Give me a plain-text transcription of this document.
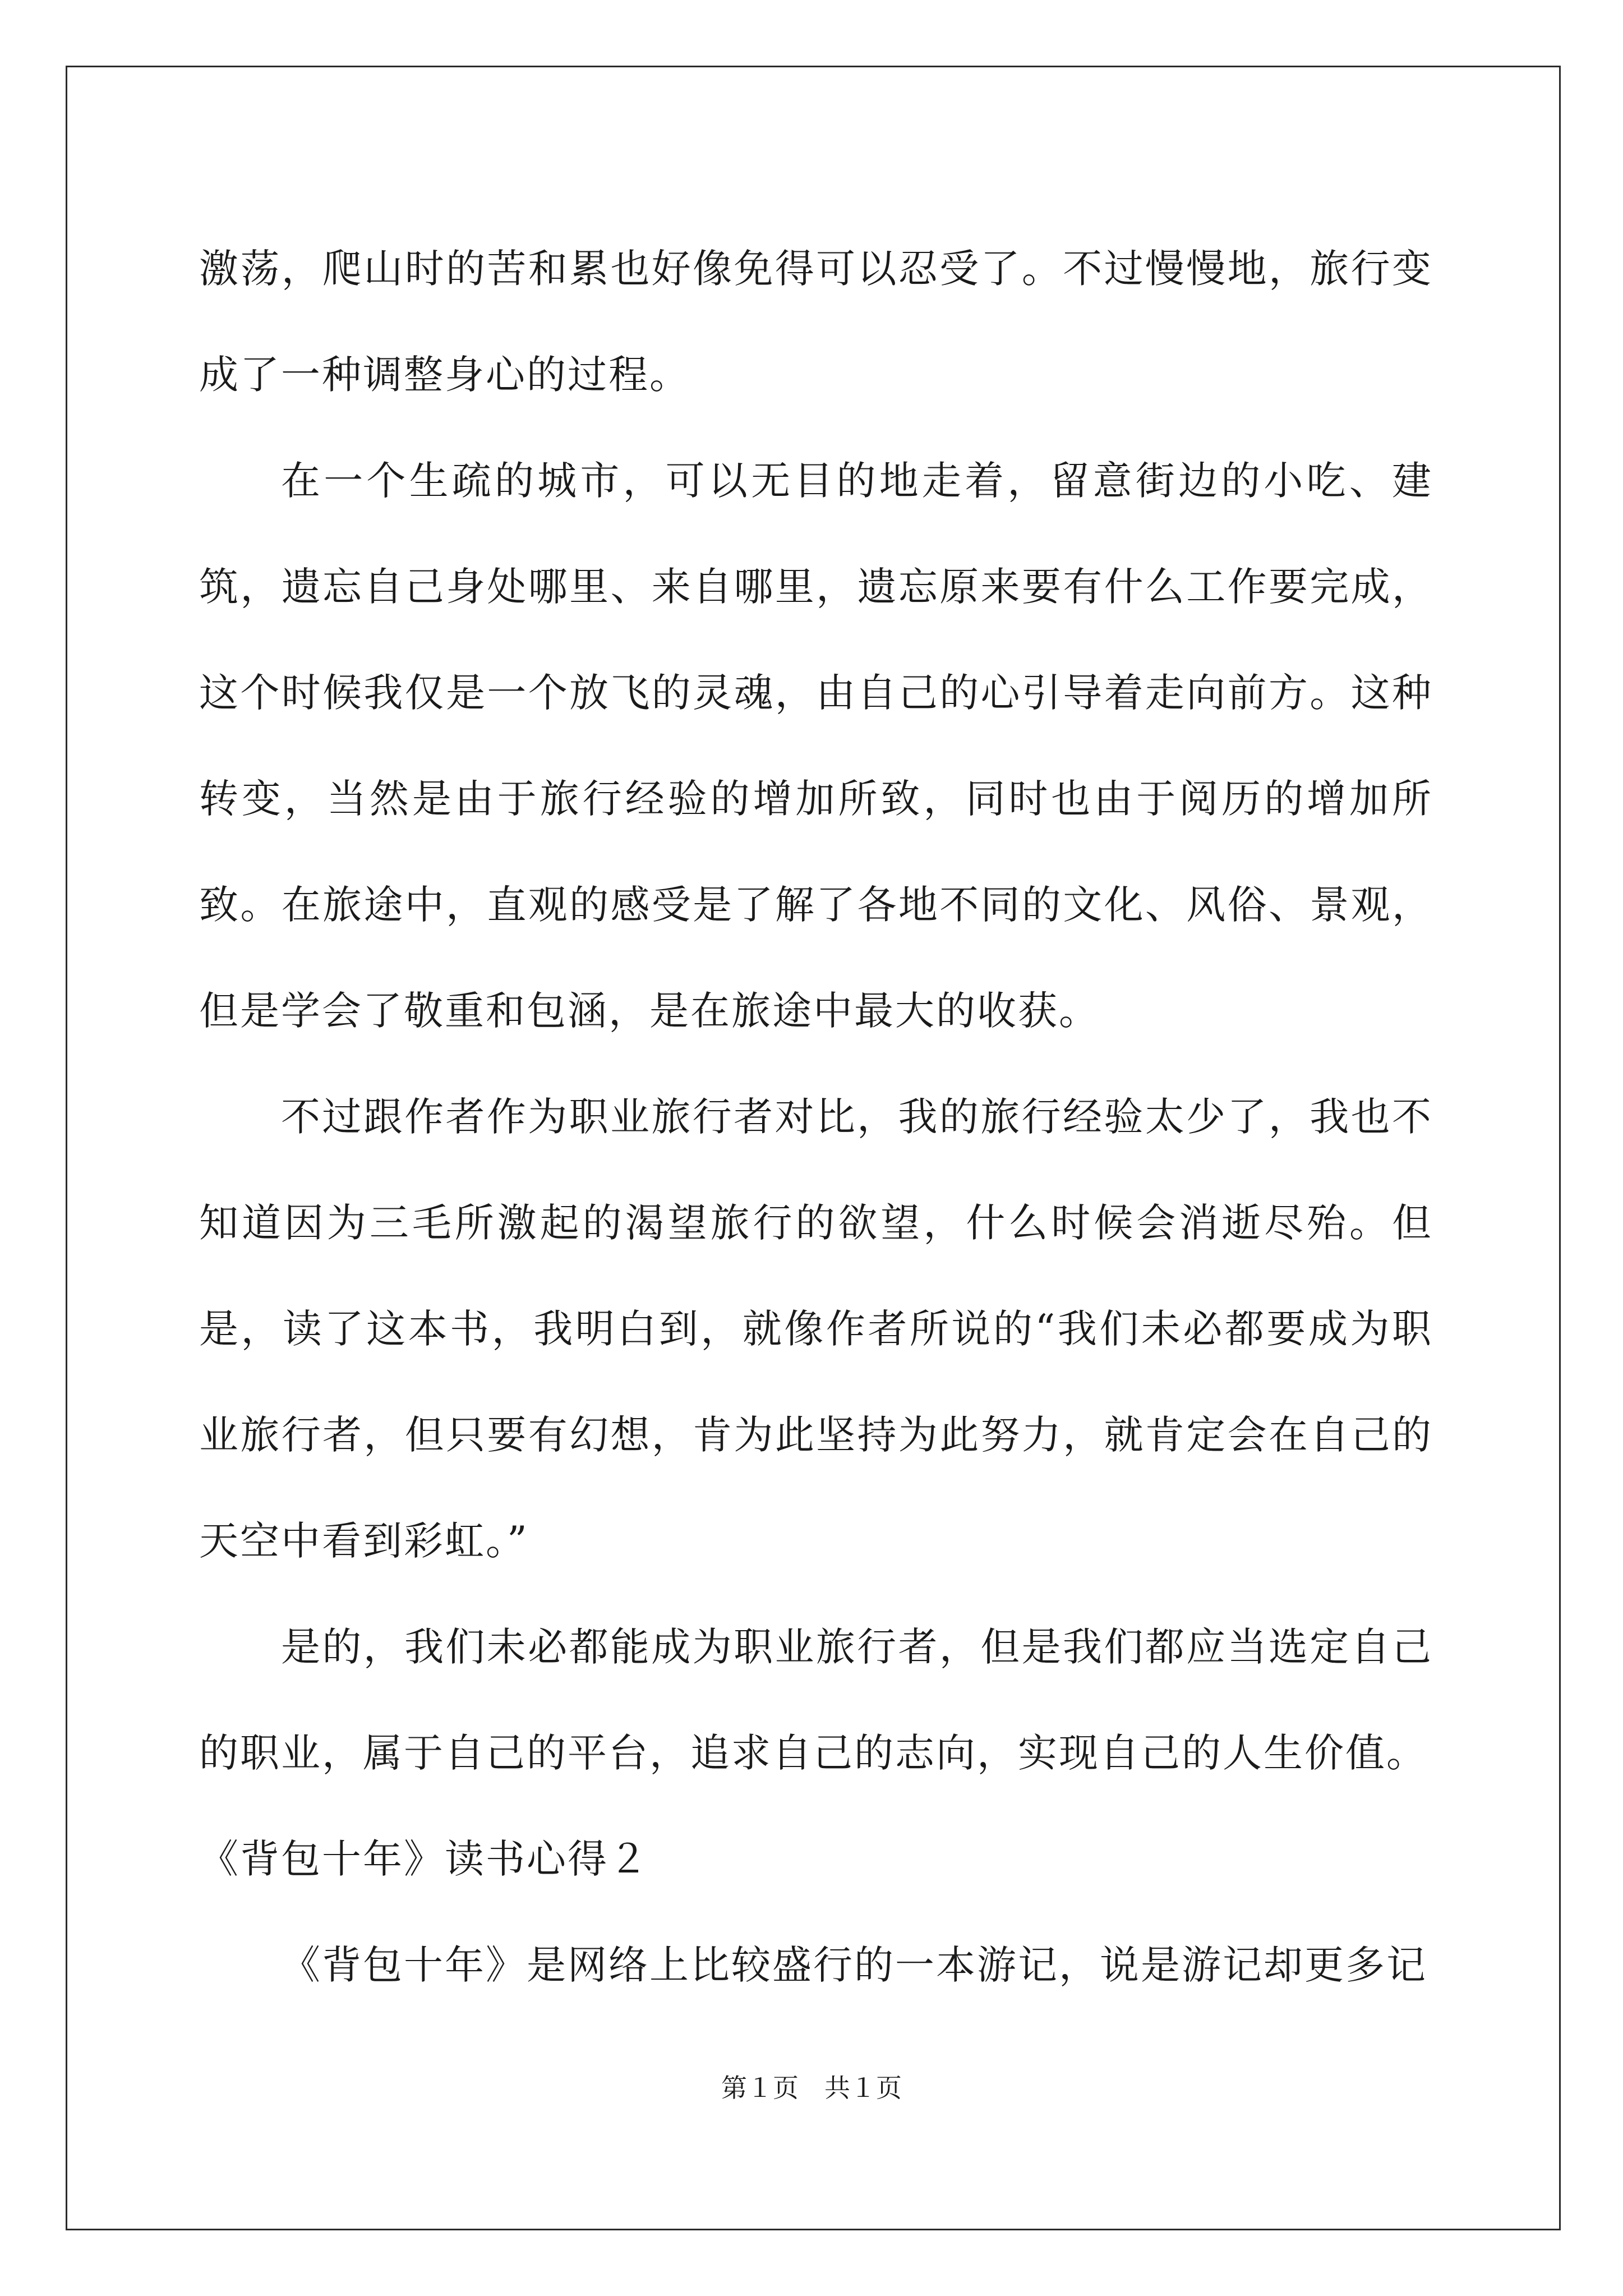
激荡，爬山时的苦和累也好像免得可以忍受了。不过慢慢地，旅行变成了一种调整身心的过程。

在一个生疏的城市，可以无目的地走着，留意街边的小吃、建筑，遗忘自己身处哪里、来自哪里，遗忘原来要有什么工作要完成，这个时候我仅是一个放飞的灵魂，由自己的心引导着走向前方。这种转变，当然是由于旅行经验的增加所致，同时也由于阅历的增加所致。在旅途中，直观的感受是了解了各地不同的文化、风俗、景观，但是学会了敬重和包涵，是在旅途中最大的收获。

不过跟作者作为职业旅行者对比，我的旅行经验太少了，我也不知道因为三毛所激起的渴望旅行的欲望，什么时候会消逝尽殆。但是，读了这本书，我明白到，就像作者所说的“我们未必都要成为职业旅行者，但只要有幻想，肯为此坚持为此努力，就肯定会在自己的天空中看到彩虹。”

是的，我们未必都能成为职业旅行者，但是我们都应当选定自己的职业，属于自己的平台，追求自己的志向，实现自己的人生价值。

《背包十年》读书心得２

《背包十年》是网络上比较盛行的一本游记，说是游记却更多记

第１页　共１页
